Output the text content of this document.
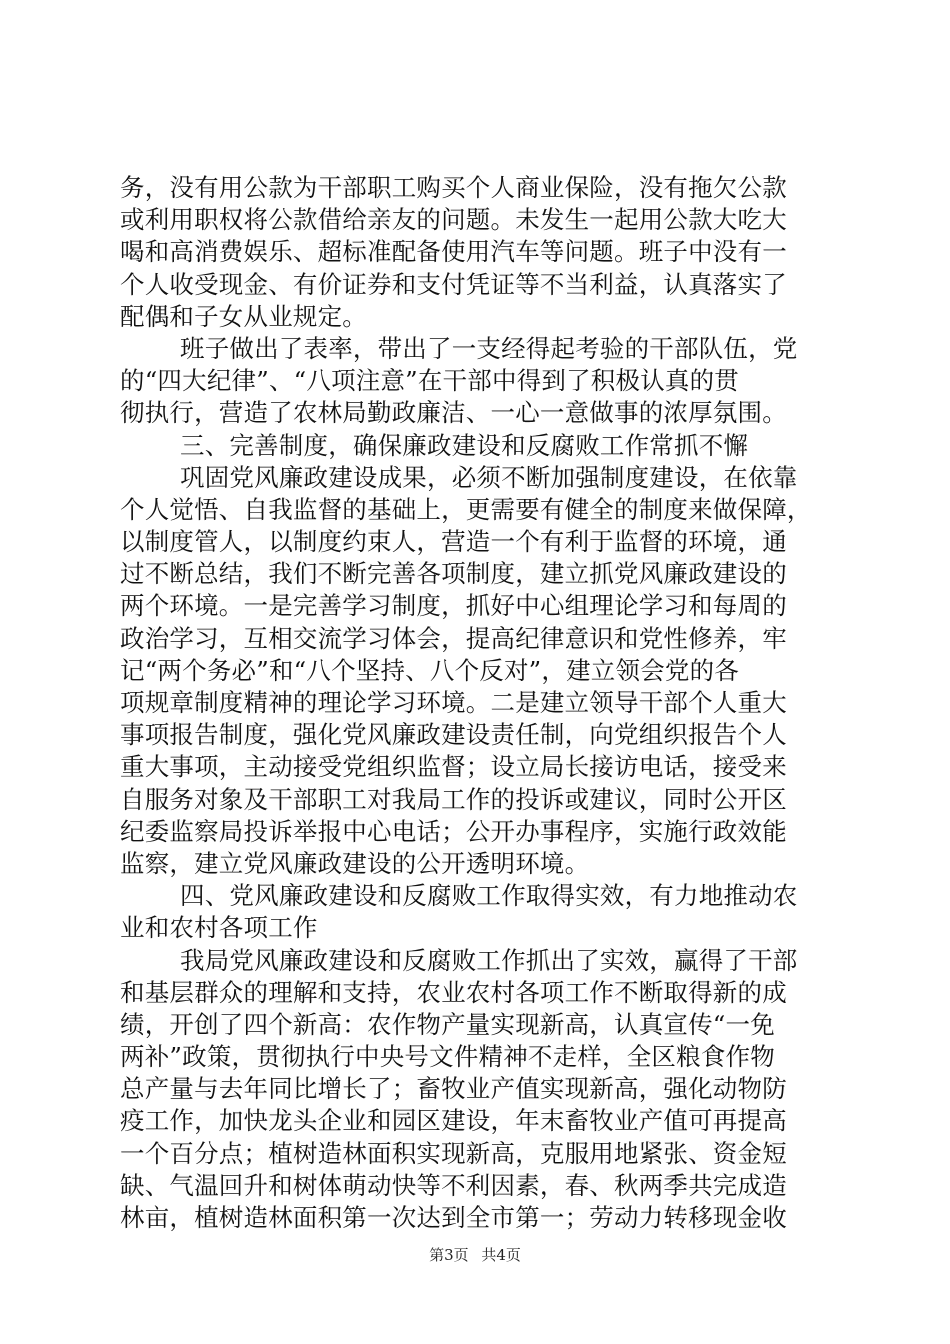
务，没有用公款为干部职工购买个人商业保险，没有拖欠公款
或利用职权将公款借给亲友的问题。未发生一起用公款大吃大
喝和高消费娱乐、超标准配备使用汽车等问题。班子中没有一
个人收受现金、有价证券和支付凭证等不当利益，认真落实了
配偶和子女从业规定。
班子做出了表率，带出了一支经得起考验的干部队伍，党
的“四大纪律”、“八项注意”在干部中得到了积极认真的贯
彻执行，营造了农林局勤政廉洁、一心一意做事的浓厚氛围。
三、完善制度，确保廉政建设和反腐败工作常抓不懈
巩固党风廉政建设成果，必须不断加强制度建设，在依靠
个人觉悟、自我监督的基础上，更需要有健全的制度来做保障，
以制度管人，以制度约束人，营造一个有利于监督的环境，通
过不断总结，我们不断完善各项制度，建立抓党风廉政建设的
两个环境。一是完善学习制度，抓好中心组理论学习和每周的
政治学习，互相交流学习体会，提高纪律意识和党性修养，牢
记“两个务必”和“八个坚持、八个反对”，建立领会党的各
项规章制度精神的理论学习环境。二是建立领导干部个人重大
事项报告制度，强化党风廉政建设责任制，向党组织报告个人
重大事项，主动接受党组织监督；设立局长接访电话，接受来
自服务对象及干部职工对我局工作的投诉或建议，同时公开区
纪委监察局投诉举报中心电话；公开办事程序，实施行政效能
监察，建立党风廉政建设的公开透明环境。
四、党风廉政建设和反腐败工作取得实效，有力地推动农
业和农村各项工作
我局党风廉政建设和反腐败工作抓出了实效，赢得了干部
和基层群众的理解和支持，农业农村各项工作不断取得新的成
绩，开创了四个新高：农作物产量实现新高，认真宣传“一免
两补”政策，贯彻执行中央号文件精神不走样，全区粮食作物
总产量与去年同比增长了；畜牧业产值实现新高，强化动物防
疫工作，加快龙头企业和园区建设，年末畜牧业产值可再提高
一个百分点；植树造林面积实现新高，克服用地紧张、资金短
缺、气温回升和树体萌动快等不利因素，春、秋两季共完成造
林亩，植树造林面积第一次达到全市第一；劳动力转移现金收
第3页 共4页
